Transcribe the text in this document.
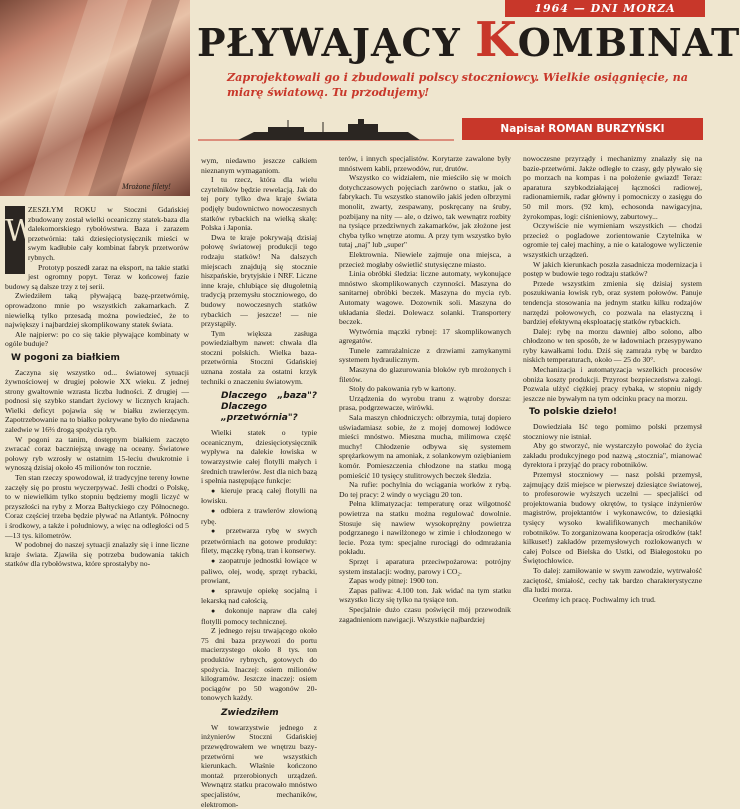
Mrożone filety!
1964 — DNI MORZA
PŁYWAJĄCY KOMBINAT
Zaprojektowali go i zbudowali polscy stoczniowcy. Wielkie osiągnięcie, na miarę światową. Tu przodujemy!
Napisał ROMAN BURZYŃSKI

W
ZESZŁYM ROKU w Stoczni Gdańskiej zbudowany został wielki oceaniczny statek-baza dla dalekomorskiego rybołówstwa. Baza i zarazem przetwórnia: taki dziesięciotysięcznik mieści w swym kadłubie cały kombinat fabryk przetworów rybnych.

Prototyp poszedł zaraz na eksport, na takie statki jest ogromny popyt. Teraz w końcowej fazie budowy są dalsze trzy z tej serii.

Zwiedziłem taką pływającą bazę-przetwórnię, oprowadzono mnie po wszystkich zakamarkach. Z niewielką tylko przesadą można powiedzieć, że to największy i najbardziej skomplikowany statek świata.

Ale najpierw: po co się takie pływające kombinaty w ogóle buduje?

W pogoni za białkiem

Zaczyna się wszystko od... światowej sytuacji żywnościowej w drugiej połowie XX wieku. Z jednej strony gwałtownie wzrasta liczba ludności. Z drugiej — podnosi się szybko standart życiowy w licznych krajach. Wielki deficyt pojawia się w białku zwierzęcym. Zapotrzebowanie na to białko pokrywane było do niedawna zaledwie w 16⅔ drogą spożycia ryb.

W pogoni za tanim, dostępnym białkiem zaczęto zwracać coraz baczniejszą uwagę na oceany. Światowe połowy ryb wzrosły w ostatnim 15-leciu dwukrotnie i wynoszą dzisiaj około 45 milionów ton rocznie.

Ten stan rzeczy spowodował, iż tradycyjne tereny łowne zaczęły się po prostu wyczerpywać. Jeśli chodzi o Polskę, to w niewielkim tylko stopniu będziemy mogli liczyć w przyszłości na ryby z Morza Bałtyckiego czy Północnego. Coraz częściej trzeba będzie pływać na Atlantyk. Północny i środkowy, a także i południowy, a więc na odległości od 5—13 tys. kilometrów.

W podobnej do naszej sytuacji znalazły się i inne liczne kraje świata. Zjawiła się potrzeba budowania takich statków dla rybołówstwa, które sprostałyby no-

wym, niedawno jeszcze całkiem nieznanym wymaganiom.

I tu rzecz, która dla wielu czytelników będzie rewelacją. Jak do tej pory tylko dwa kraje świata podjęły budownictwo nowoczesnych statków rybackich na wielką skalę: Polska i Japonia.

Dwa te kraje pokrywają dzisiaj połowę światowej produkcji tego rodzaju statków! Na dalszych miejscach znajdują się stocznie hiszpańskie, brytyjskie i NRF. Liczne inne kraje, chlubiące się długoletnią tradycją przemysłu stoczniowego, do budowy nowoczesnych statków rybackich — jeszcze! — nie przystąpiły.

Tym większa zasługa powiedziałbym nawet: chwała dla stoczni polskich. Wielka baza-przetwórnia Stoczni Gdańskiej uznana została za ostatni krzyk techniki o znaczeniu światowym.

Dlaczego „baza"? Dlaczego „przetwórnia"?

Wielki statek o typie oceanicznym, dziesięciotysięcznik wypływa na dalekie łowiska w towarzystwie całej flotylli małych i średnich trawlerów. Jest dla nich bazą i spełnia następujące funkcje:

● kieruje pracą całej flotylli na łowisku.

● odbiera z trawlerów złowioną rybę.

● przetwarza rybę w swych przetwórniach na gotowe produkty: filety, mączkę rybną, tran i konserwy.

● zaopatruje jednostki łowiące w paliwo, olej, wodę, sprzęt rybacki, prowiant,

● sprawuje opiekę socjalną i lekarską nad całością,

● dokonuje napraw dla całej flotylli pomocy technicznej.

Z jednego rejsu trwającego około 75 dni baza przywozi do portu macierzystego około 8 tys. ton produktów rybnych, gotowych do spożycia. Inaczej: osiem milionów kilogramów. Jeszcze inaczej: osiem pociągów po 50 wagonów 20-tonowych każdy.

Zwiedziłem

W towarzystwie jednego z inżynierów Stoczni Gdańskiej przewędrowałem we wnętrzu bazy-przetwórni we wszystkich kierunkach. Właśnie kończono montaż przerobionych urządzeń. Wewnątrz statku pracowało mnóstwo specjalistów, mechaników, elektromon-

terów, i innych specjalistów. Korytarze zawalone były mnóstwem kabli, przewodów, rur, drutów.

Wszystko co widziałem, nie mieściło się w moich dotychczasowych pojęciach zarówno o statku, jak o fabrykach. Tu wszystko stanowiło jakiś jeden olbrzymi monolit, zwarty, zespawany, poskręcany na śruby, pozbijany na nity — ale, o dziwo, tak wewnątrz rozbity na tysiące przedziwnych zakamarków, jak złożone jest chyba tylko wnętrze atomu. A przy tym wszystko było tutaj „naj" lub „super"

Elektrownia. Niewiele zajmuje ona miejsca, a przecież mogłaby oświetlić stutysięczne miasto.

Linia obróbki śledzia: liczne automaty, wykonujące mnóstwo skomplikowanych czynności. Maszyna do sanitarnej obróbki beczek. Maszyna do mycia ryb. Automaty wagowe. Dozownik soli. Maszyna do układania śledzi. Dolewacz solanki. Transportery beczek.

Wytwórnia mączki rybnej: 17 skomplikowanych agregatów.

Tunele zamrażalnicze z drzwiami zamykanymi systemem hydraulicznym.

Maszyna do glazurowania bloków ryb mrożonych i filetów.

Stoły do pakowania ryb w kartony.

Urządzenia do wyrobu tranu z wątroby dorsza: prasa, podgrzewacze, wirówki.

Sala maszyn chłodniczych: olbrzymia, tutaj dopiero uświadamiasz sobie, że z mojej domowej lodówce mieści mnóstwo. Mieszna mucha, milimowa część muchy! Chłodzenie odbywa się systemem sprężarkowym na amoniak, z solankowym oziębianiem komór. Pomieszczenia chłodzone na statku mogą pomieścić 10 tysięcy stulitrowych beczek śledzia.

Na rufie: pochylnia do wciągania worków z rybą. Do tej pracy: 2 windy o wyciągu 20 ton.

Pełna klimatyzacja: temperaturę oraz wilgotność powietrza na statku można regulować dowolnie. Stosuje się nawiew wysokoprężny powietrza podgrzanego i nawilżonego w zimie i chłodzonego w lecie. Poza tym: specjalne rurociągi do odmrażania pokładu.

Sprzęt i aparatura przeciwpożarowa: potrójny system instalacji: wodny, parowy i CO₂.

Zapas wody pitnej: 1900 ton.

Zapas paliwa: 4.100 ton. Jak widać na tym statku wszystko liczy się tylko na tysiące ton.

Specjalnie dużo czasu poświęcił mój przewodnik zagadnieniom nawigacji. Wszystkie najbardziej

nowoczesne przyrządy i mechanizmy znalazły się na bazie-przetwórni. Jakże odległe to czasy, gdy pływało się po morzach na kompas i na położenie gwiazd! Teraz: aparatura szybkodziałającej łączności radiowej, radionamiernik, radar główny i pomocniczy o zasięgu do 50 mil mors. (92 km), echosonda nawigacyjna, żyrokompas, logi: ciśnieniowy, zaburtowy...

Oczywiście nie wymieniam wszystkich — chodzi przecież o pogladowe zorientowanie Czytelnika w ogromie tej całej machiny, a nie o katalogowe wyliczenie wszystkich urządzeń.

W jakich kierunkach poszła zasadnicza modernizacja i postęp w budowie tego rodzaju statków?

Przede wszystkim zmienia się dzisiaj system poszukiwania łowisk ryb, oraz system połowów. Panuje tendencja stosowania na jednym statku kilku rodzajów narzędzi połowowych, co pozwala na elastyczną i bardziej efektywną eksploatację statków rybackich.

Dalej: rybę na morzu dawniej albo solono, albo chłodzono w ten sposób, że w ładowniach przesypywano ryby kawałkami lodu. Dziś się zamraża rybę w bardzo niskich temperaturach, około — 25 do 30°.

Mechanizacja i automatyzacja wszelkich procesów obniża koszty produkcji. Przyrost bezpieczeństwa załogi. Pozwala ulżyć ciężkiej pracy rybaka, w stopniu nigdy jeszcze nie bywałym na tym odcinku pracy na morzu.

To polskie dzieło!

Dowiedziała Iść tego pomimo polski przemysł stoczniowy nie istniał.

Aby go stworzyć, nie wystarczyło powołać do życia zakładu produkcyjnego pod nazwą „stocznia", mianować dyrektora i przyjąć do pracy robotników.

Przemysł stoczniowy — nasz polski przemysł, zajmujący dziś miejsce w pierwszej dziesiątce światowej, to profesorowie wyższych uczelni — specjaliści od projektowania budowy okrętów, to tysiące inżynierów magistrów, projektantów i wykonawców, to dziesiątki tysięcy wysoko kwalifikowanych mechaników robotników. To zorganizowana kooperacja ośrodków (tak! kilkuset!) zakładów przemysłowych rozlokowanych w całej Polsce od Bielska do Ustki, od Białegostoku po Świętochłowice.

To dalej: zamiłowanie w swym zawodzie, wytrwałość zaciętość, śmiałość, cechy tak bardzo charakterystyczne dla ludzi morza.

Oceńmy ich pracę. Pochwalmy ich trud.
